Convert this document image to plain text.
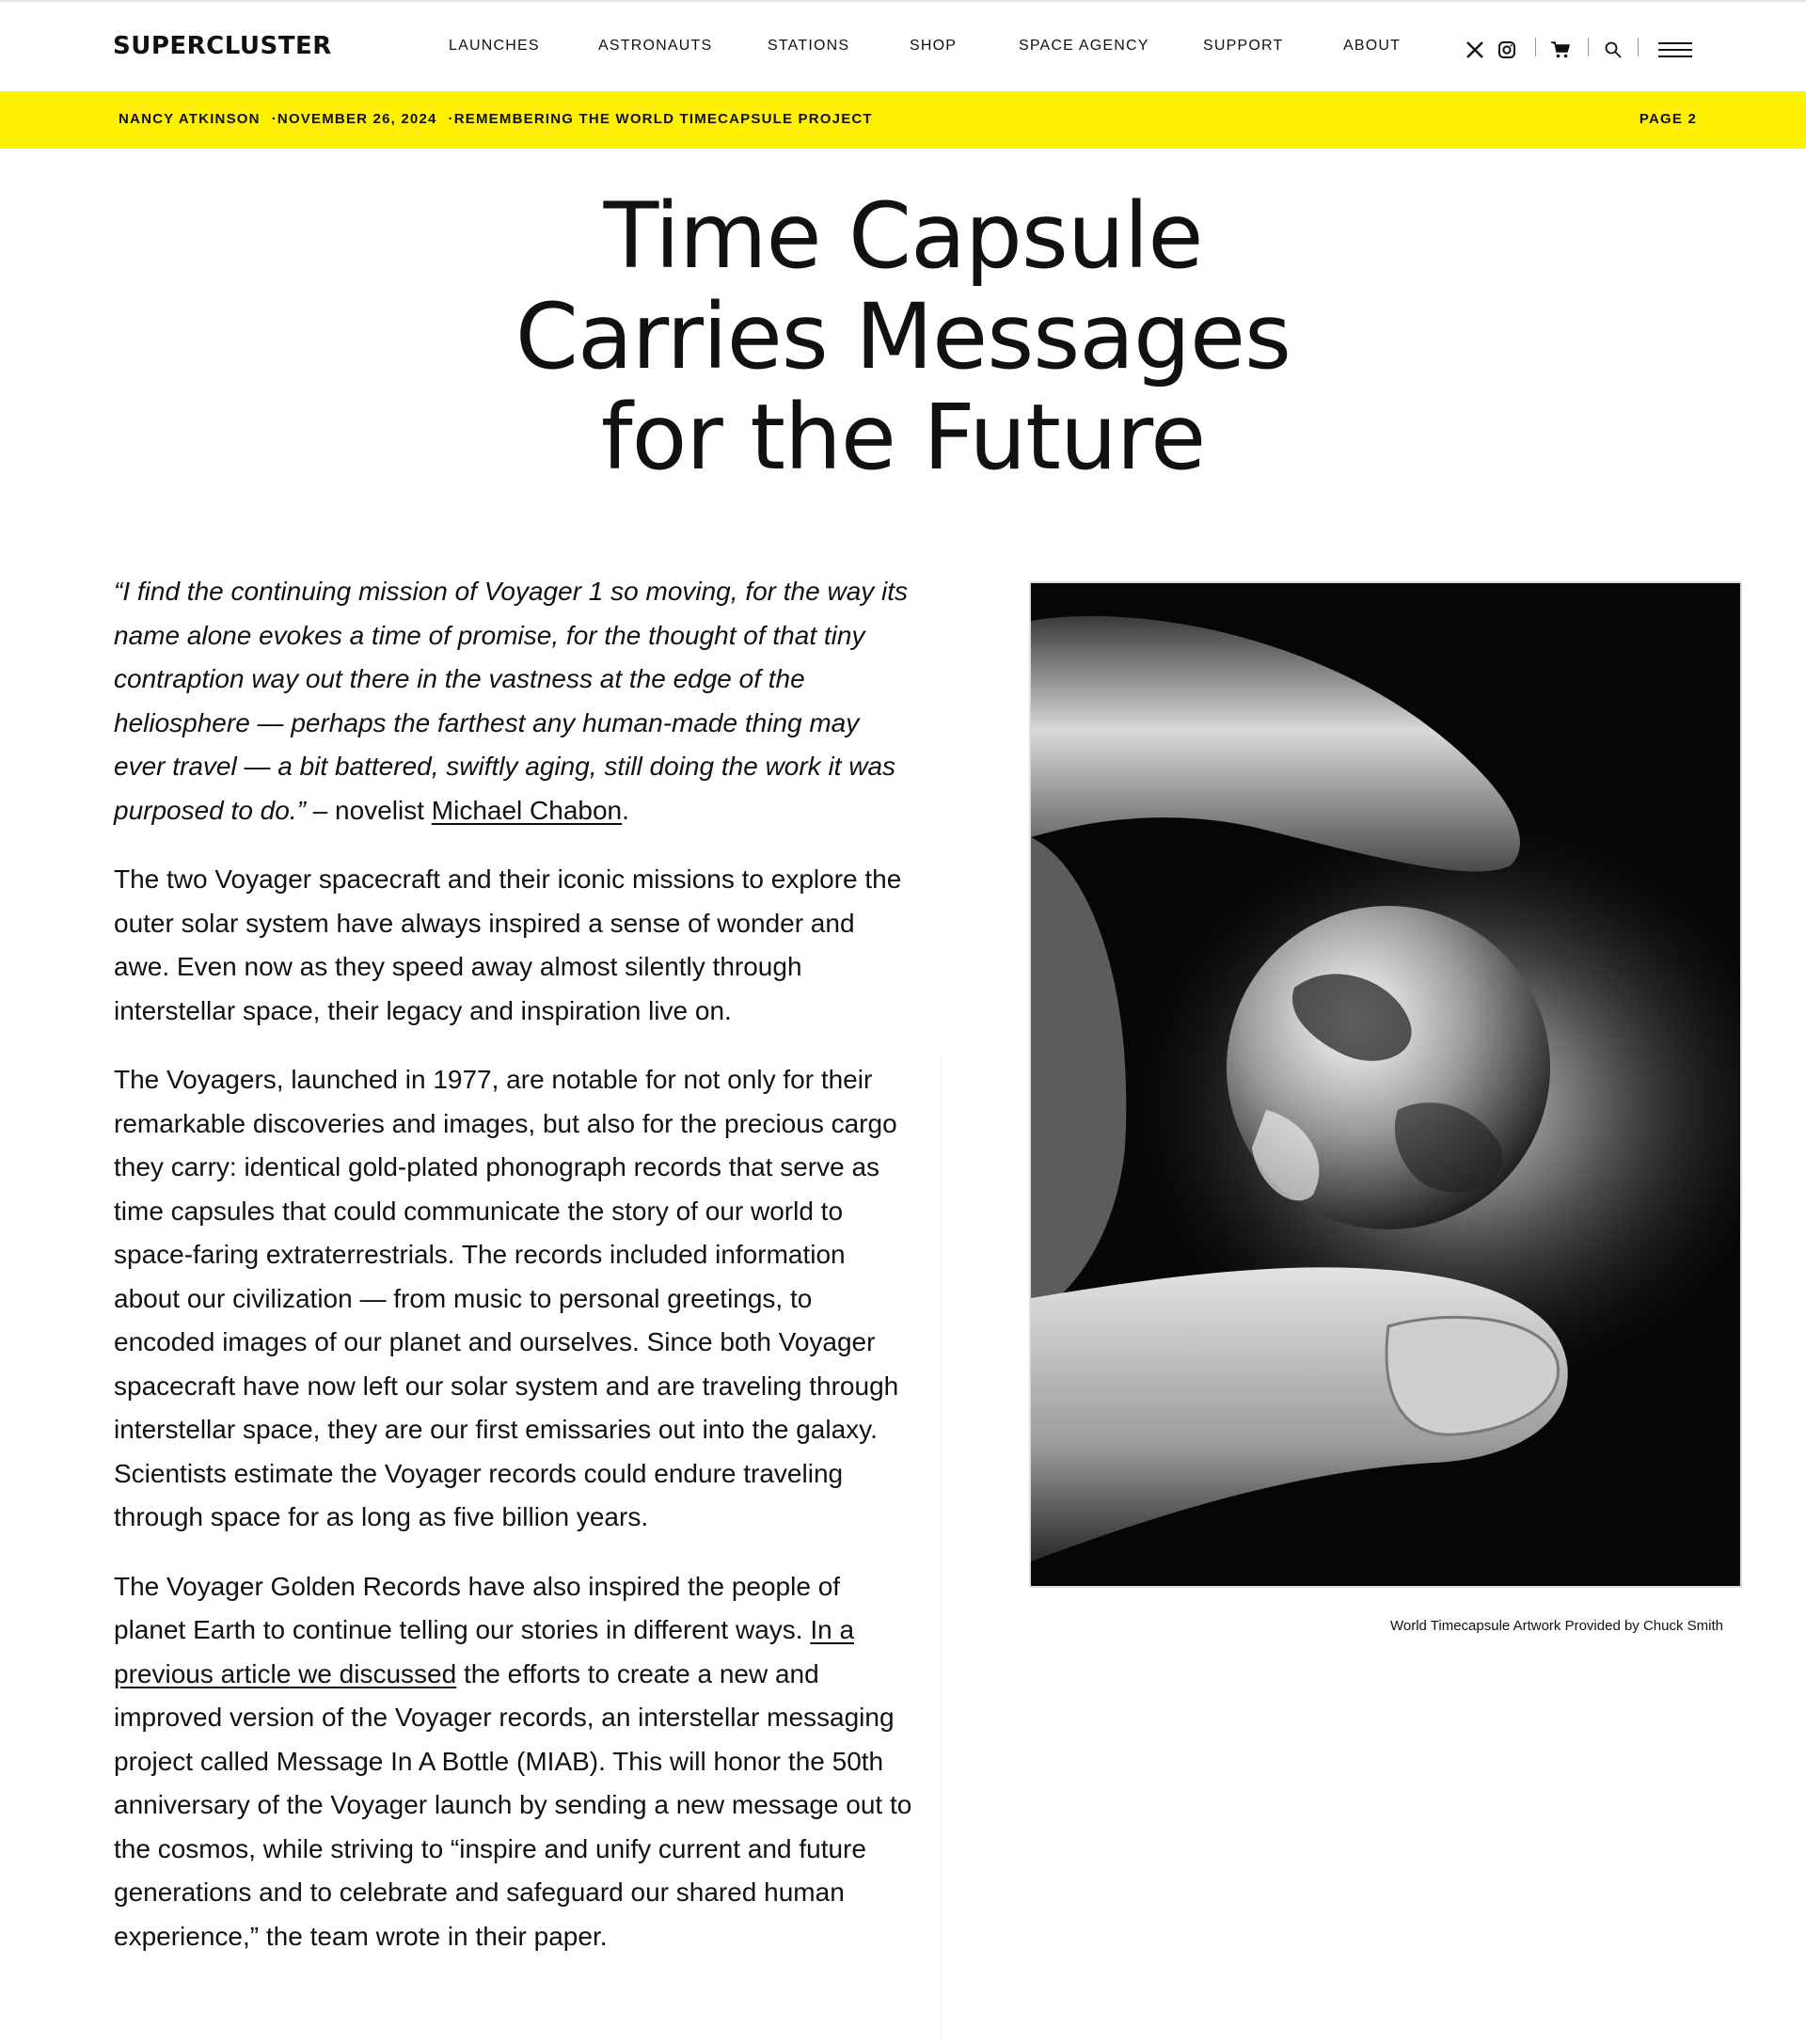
SUPERCLUSTER	LAUNCHES	ASTRONAUTS	STATIONS	SHOP	SPACE AGENCY	SUPPORT	ABOUT
NANCY ATKINSON ·NOVEMBER 26, 2024 ·REMEMBERING THE WORLD TIMECAPSULE PROJECT	PAGE 2
Time Capsule
Carries Messages
for the Future

“I find the continuing mission of Voyager 1 so moving, for the way its name alone evokes a time of promise, for the thought of that tiny contraption way out there in the vastness at the edge of the heliosphere — perhaps the farthest any human-made thing may ever travel — a bit battered, swiftly aging, still doing the work it was purposed to do.” – novelist Michael Chabon.

The two Voyager spacecraft and their iconic missions to explore the outer solar system have always inspired a sense of wonder and awe. Even now as they speed away almost silently through interstellar space, their legacy and inspiration live on.

The Voyagers, launched in 1977, are notable for not only for their remarkable discoveries and images, but also for the precious cargo they carry: identical gold-plated phonograph records that serve as time capsules that could communicate the story of our world to space-faring extraterrestrials. The records included information about our civilization — from music to personal greetings, to encoded images of our planet and ourselves. Since both Voyager spacecraft have now left our solar system and are traveling through interstellar space, they are our first emissaries out into the galaxy. Scientists estimate the Voyager records could endure traveling through space for as long as five billion years.

The Voyager Golden Records have also inspired the people of planet Earth to continue telling our stories in different ways. In a previous article we discussed the efforts to create a new and improved version of the Voyager records, an interstellar messaging project called Message In A Bottle (MIAB). This will honor the 50th anniversary of the Voyager launch by sending a new message out to the cosmos, while striving to “inspire and unify current and future generations and to celebrate and safeguard our shared human experience,” the team wrote in their paper.

World Timecapsule Artwork Provided by Chuck Smith
